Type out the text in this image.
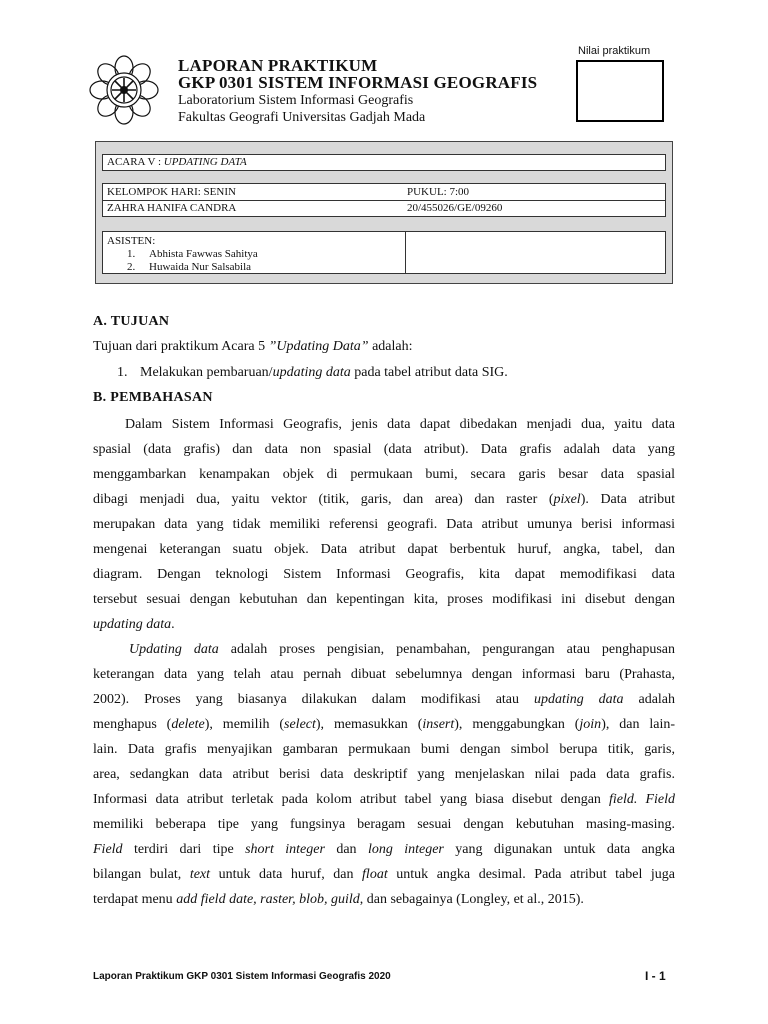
LAPORAN PRAKTIKUM
GKP 0301 SISTEM INFORMASI GEOGRAFIS
Laboratorium Sistem Informasi Geografis
Fakultas Geografi Universitas Gadjah Mada
Nilai praktikum
ACARA V : UPDATING DATA
KELOMPOK HARI: SENIN	PUKUL: 7:00
ZAHRA HANIFA CANDRA	20/455026/GE/09260
ASISTEN:
1. Abhista Fawwas Sahitya
2. Huwaida Nur Salsabila
A. TUJUAN
Tujuan dari praktikum Acara 5 ”Updating Data” adalah:
1. Melakukan pembaruan/updating data pada tabel atribut data SIG.
B. PEMBAHASAN
Dalam Sistem Informasi Geografis, jenis data dapat dibedakan menjadi dua, yaitu data
spasial (data grafis) dan data non spasial (data atribut). Data grafis adalah data yang
menggambarkan kenampakan objek di permukaan bumi, secara garis besar data spasial
dibagi menjadi dua, yaitu vektor (titik, garis, dan area) dan raster (pixel). Data atribut
merupakan data yang tidak memiliki referensi geografi. Data atribut umunya berisi informasi
mengenai keterangan suatu objek. Data atribut dapat berbentuk huruf, angka, tabel, dan
diagram. Dengan teknologi Sistem Informasi Geografis, kita dapat memodifikasi data
tersebut sesuai dengan kebutuhan dan kepentingan kita, proses modifikasi ini disebut dengan
updating data.
Updating data adalah proses pengisian, penambahan, pengurangan atau penghapusan
keterangan data yang telah atau pernah dibuat sebelumnya dengan informasi baru (Prahasta,
2002). Proses yang biasanya dilakukan dalam modifikasi atau updating data adalah
menghapus (delete), memilih (select), memasukkan (insert), menggabungkan (join), dan lain-
lain. Data grafis menyajikan gambaran permukaan bumi dengan simbol berupa titik, garis,
area, sedangkan data atribut berisi data deskriptif yang menjelaskan nilai pada data grafis.
Informasi data atribut terletak pada kolom atribut tabel yang biasa disebut dengan field. Field
memiliki beberapa tipe yang fungsinya beragam sesuai dengan kebutuhan masing-masing.
Field terdiri dari tipe short integer dan long integer yang digunakan untuk data angka
bilangan bulat, text untuk data huruf, dan float untuk angka desimal. Pada atribut tabel juga
terdapat menu add field date, raster, blob, guild, dan sebagainya (Longley, et al., 2015).
Laporan Praktikum GKP 0301 Sistem Informasi Geografis 2020	I - 1
